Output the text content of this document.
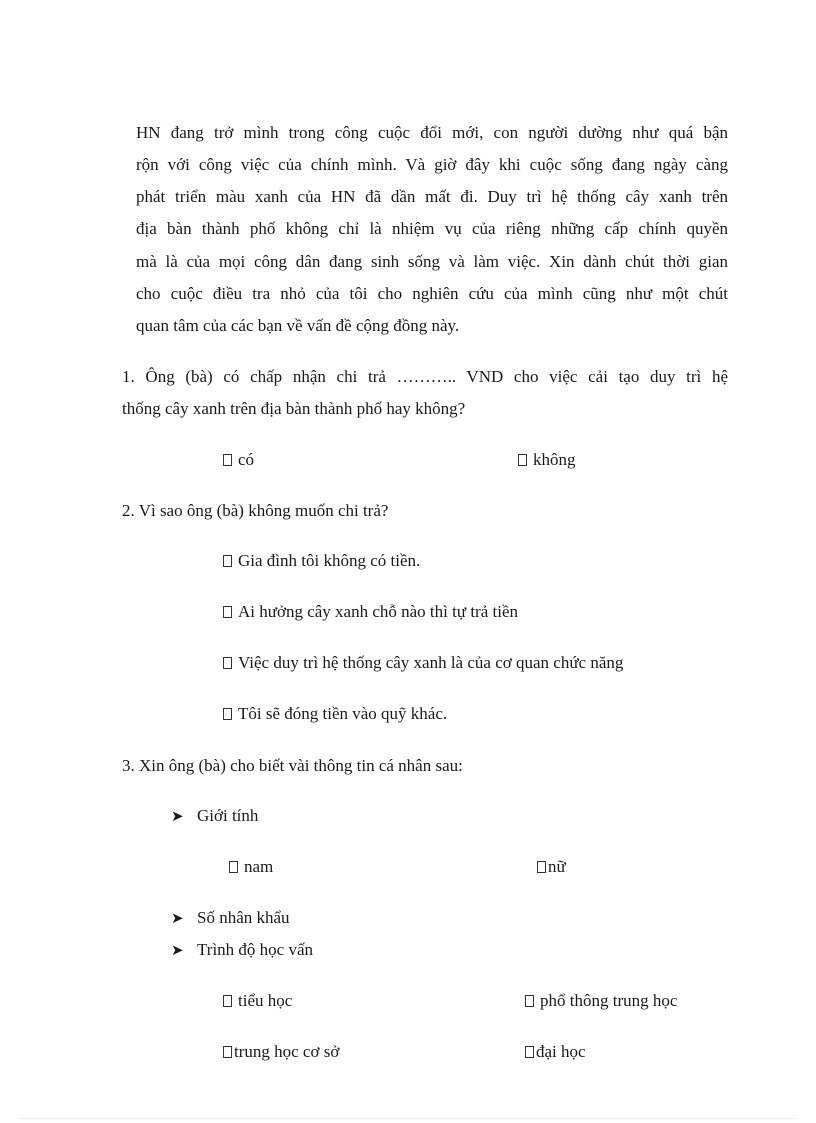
HN đang trở mình trong công cuộc đổi mới, con người dường như quá bận
rộn với công việc của chính mình. Và giờ đây khi cuộc sống đang ngày càng
phát triển màu xanh của HN đã dần mất đi. Duy trì hệ thống cây xanh trên
địa bàn thành phố không chỉ là nhiệm vụ của riêng những cấp chính quyền
mà là của mọi công dân đang sinh sống và làm việc. Xin dành chút thời gian
cho cuộc điều tra nhỏ của tôi cho nghiên cứu của mình cũng như một chút
quan tâm của các bạn về vấn đề cộng đồng này.
1. Ông (bà) có chấp nhận chi trả ……….. VND cho việc cải tạo duy trì hệ
thống cây xanh trên địa bàn thành phố hay không?
có	không
2. Vì sao ông (bà) không muốn chi trả?
Gia đình tôi không có tiền.
Ai hưởng cây xanh chỗ nào thì tự trả tiền
Việc duy trì hệ thống cây xanh là của cơ quan chức năng
Tôi sẽ đóng tiền vào quỹ khác.
3. Xin ông (bà) cho biết vài thông tin cá nhân sau:
➤ Giới tính
nam	nữ
➤ Số nhân khẩu
➤ Trình độ học vấn
tiểu học	phổ thông trung học
trung học cơ sở	đại học
